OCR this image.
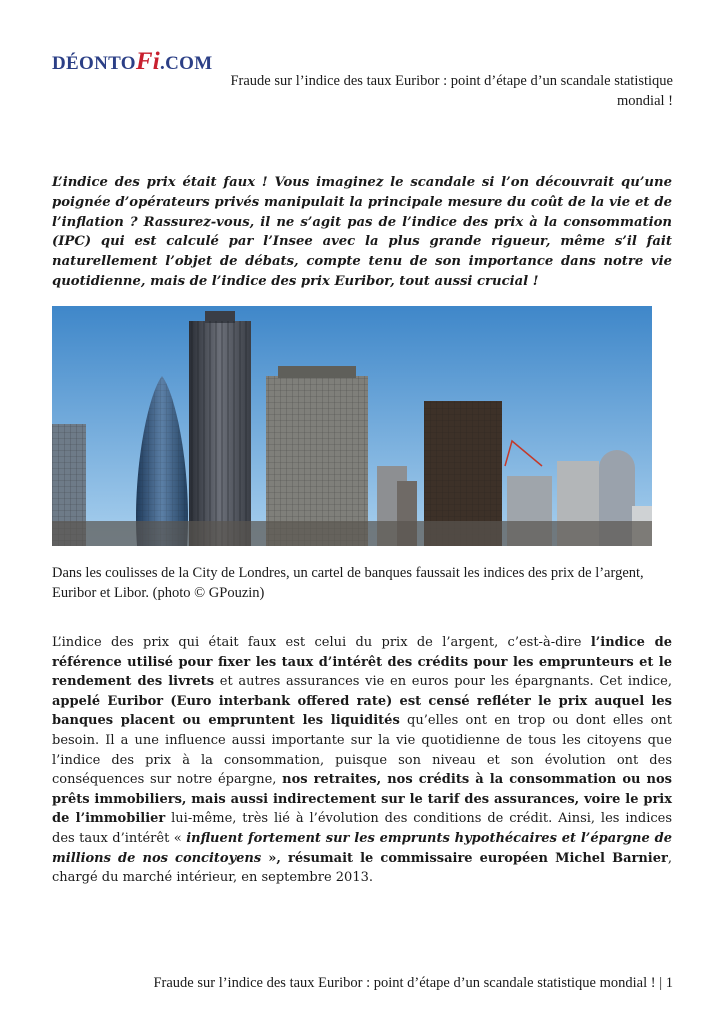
DÉONTOFi.COM
Fraude sur l’indice des taux Euribor : point d’étape d’un scandale statistique mondial !
L’indice des prix était faux ! Vous imaginez le scandale si l’on découvrait qu’une poignée d’opérateurs privés manipulait la principale mesure du coût de la vie et de l’inflation ? Rassurez-vous, il ne s’agit pas de l’indice des prix à la consommation (IPC) qui est calculé par l’Insee avec la plus grande rigueur, même s’il fait naturellement l’objet de débats, compte tenu de son importance dans notre vie quotidienne, mais de l’indice des prix Euribor, tout aussi crucial !
Dans les coulisses de la City de Londres, un cartel de banques faussait les indices des prix de l’argent, Euribor et Libor. (photo © GPouzin)
L’indice des prix qui était faux est celui du prix de l’argent, c’est-à-dire l’indice de référence utilisé pour fixer les taux d’intérêt des crédits pour les emprunteurs et le rendement des livrets et autres assurances vie en euros pour les épargnants. Cet indice, appelé Euribor (Euro interbank offered rate) est censé refléter le prix auquel les banques placent ou empruntent les liquidités qu’elles ont en trop ou dont elles ont besoin. Il a une influence aussi importante sur la vie quotidienne de tous les citoyens que l’indice des prix à la consommation, puisque son niveau et son évolution ont des conséquences sur notre épargne, nos retraites, nos crédits à la consommation ou nos prêts immobiliers, mais aussi indirectement sur le tarif des assurances, voire le prix de l’immobilier lui-même, très lié à l’évolution des conditions de crédit. Ainsi, les indices des taux d’intérêt « influent fortement sur les emprunts hypothécaires et l’épargne de millions de nos concitoyens », résumait le commissaire européen Michel Barnier, chargé du marché intérieur, en septembre 2013.
Fraude sur l’indice des taux Euribor : point d’étape d’un scandale statistique mondial ! | 1
